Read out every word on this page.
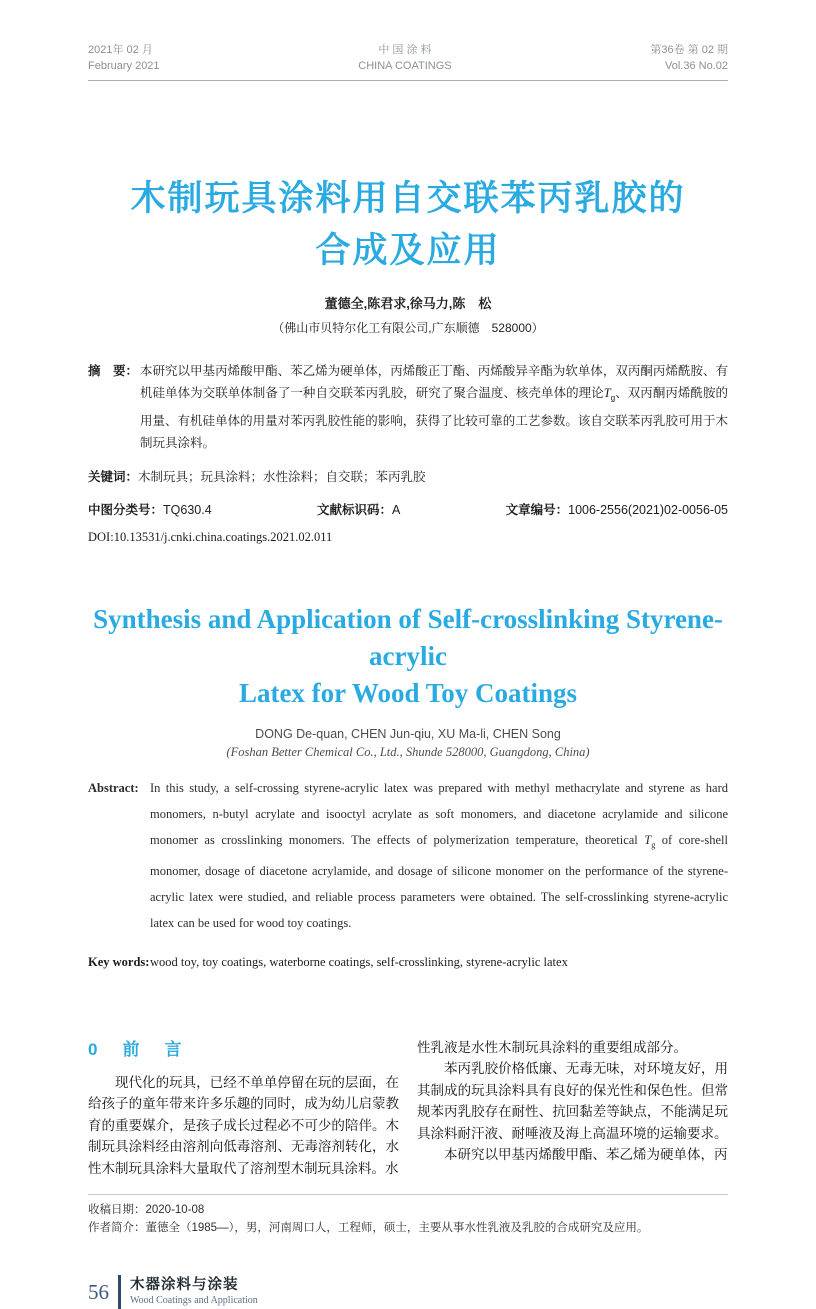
2021年 02 月
February 2021
中 国 涂 料
CHINA COATINGS
第36卷 第 02 期
Vol.36 No.02
木制玩具涂料用自交联苯丙乳胶的
合成及应用
董德全,陈君求,徐马力,陈　松
（佛山市贝特尔化工有限公司,广东顺德　528000）

摘　要： 本研究以甲基丙烯酸甲酯、苯乙烯为硬单体，丙烯酸正丁酯、丙烯酸异辛酯为软单体，双丙酮丙烯酰胺、有机硅单体为交联单体制备了一种自交联苯丙乳胶，研究了聚合温度、核壳单体的理论$T_g$、双丙酮丙烯酰胺的用量、有机硅单体的用量对苯丙乳胶性能的影响，获得了比较可靠的工艺参数。该自交联苯丙乳胶可用于木制玩具涂料。

关键词：木制玩具；玩具涂料；水性涂料；自交联；苯丙乳胶

中图分类号：TQ630.4	文献标识码：A	文章编号：1006-2556(2021)02-0056-05
DOI:10.13531/j.cnki.china.coatings.2021.02.011
Synthesis and Application of Self-crosslinking Styrene-acrylic
Latex for Wood Toy Coatings
DONG De-quan, CHEN Jun-qiu, XU Ma-li, CHEN Song
(Foshan Better Chemical Co., Ltd., Shunde 528000, Guangdong, China)

Abstract: In this study, a self-crossing styrene-acrylic latex was prepared with methyl methacrylate and styrene as hard monomers, n-butyl acrylate and isooctyl acrylate as soft monomers, and diacetone acrylamide and silicone monomer as crosslinking monomers. The effects of polymerization temperature, theoretical $T_g$ of core-shell monomer, dosage of diacetone acrylamide, and dosage of silicone monomer on the performance of the styrene-acrylic latex were studied, and reliable process parameters were obtained. The self-crosslinking styrene-acrylic latex can be used for wood toy coatings.

Key words:wood toy, toy coatings, waterborne coatings, self-crosslinking, styrene-acrylic latex

0　前　言

现代化的玩具，已经不单单停留在玩的层面，在给孩子的童年带来许多乐趣的同时，成为幼儿启蒙教育的重要媒介，是孩子成长过程必不可少的陪伴。木制玩具涂料经由溶剂向低毒溶剂、无毒溶剂转化，水性木制玩具涂料大量取代了溶剂型木制玩具涂料。水

性乳液是水性木制玩具涂料的重要组成部分。

苯丙乳胶价格低廉、无毒无味，对环境友好，用其制成的玩具涂料具有良好的保光性和保色性。但常规苯丙乳胶存在耐性、抗回黏差等缺点，不能满足玩具涂料耐汗液、耐唾液及海上高温环境的运输要求。

本研究以甲基丙烯酸甲酯、苯乙烯为硬单体，丙

收稿日期：2020-10-08
作者简介：董德全（1985—），男，河南周口人，工程师，硕士，主要从事水性乳液及乳胶的合成研究及应用。
56	木器涂料与涂装
Wood Coatings and Application
